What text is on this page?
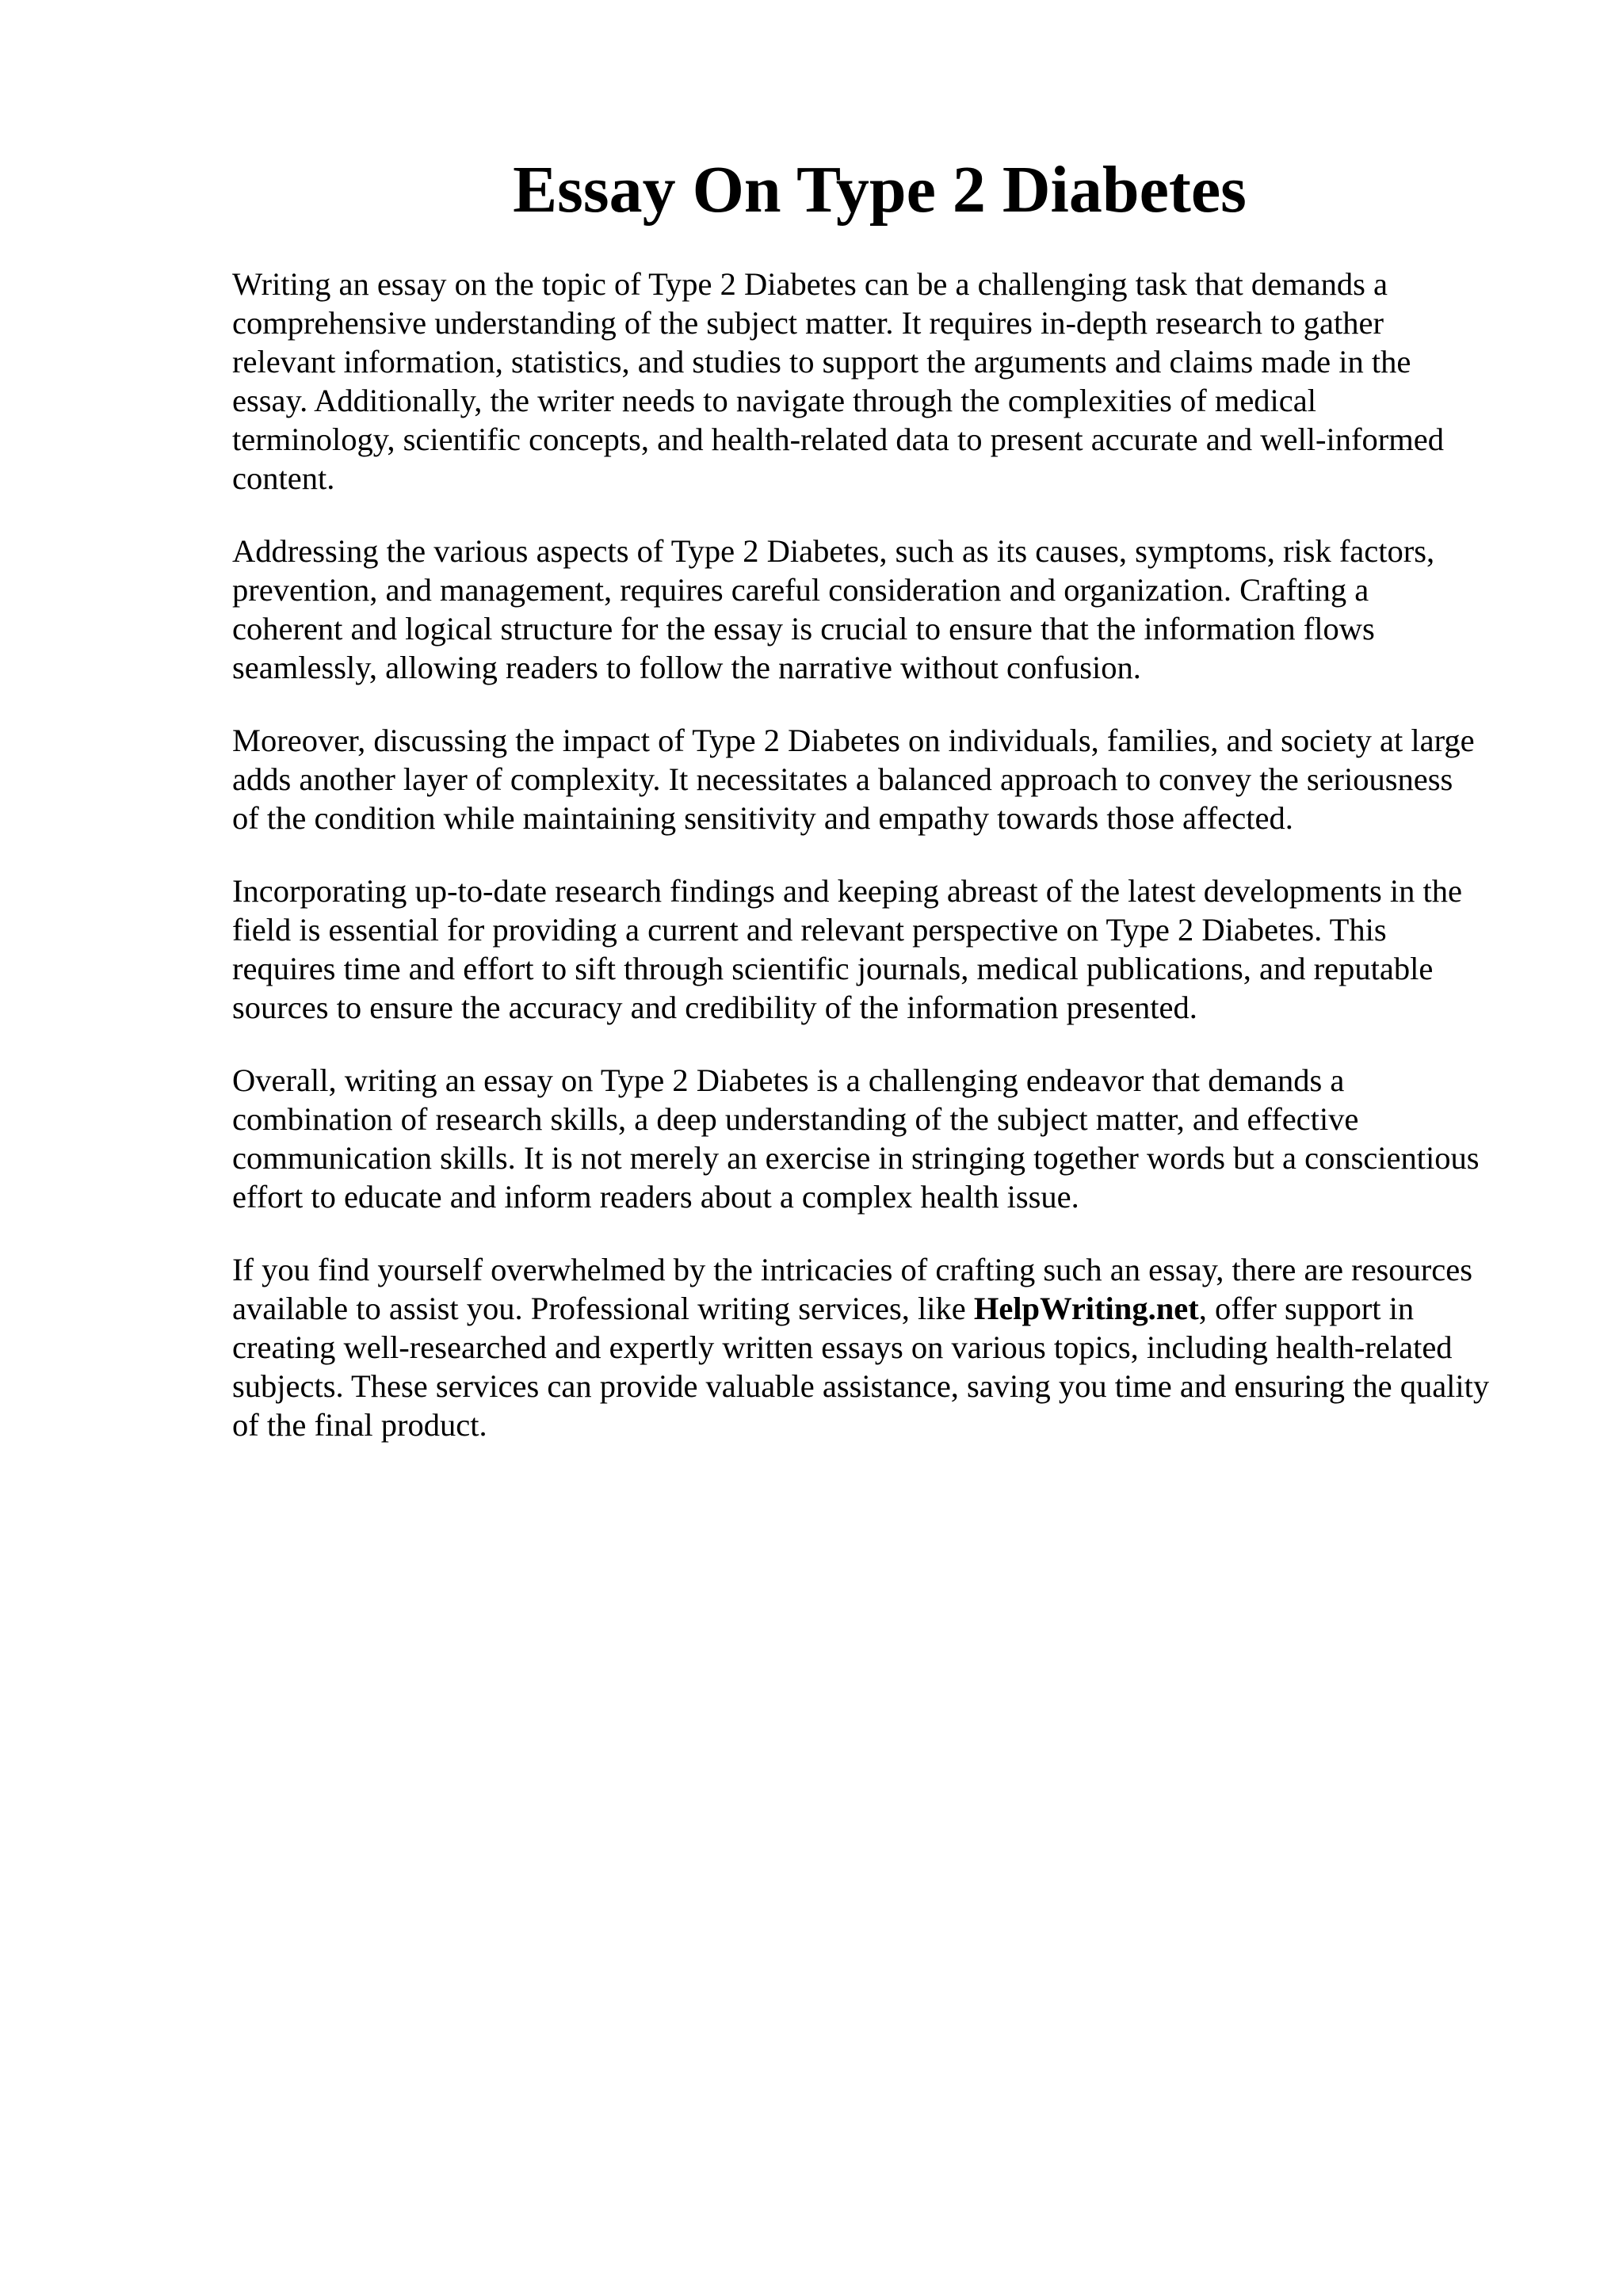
Essay On Type 2 Diabetes

Writing an essay on the topic of Type 2 Diabetes can be a challenging task that demands a
comprehensive understanding of the subject matter. It requires in-depth research to gather
relevant information, statistics, and studies to support the arguments and claims made in the
essay. Additionally, the writer needs to navigate through the complexities of medical
terminology, scientific concepts, and health-related data to present accurate and well-informed
content.

Addressing the various aspects of Type 2 Diabetes, such as its causes, symptoms, risk factors,
prevention, and management, requires careful consideration and organization. Crafting a
coherent and logical structure for the essay is crucial to ensure that the information flows
seamlessly, allowing readers to follow the narrative without confusion.

Moreover, discussing the impact of Type 2 Diabetes on individuals, families, and society at large
adds another layer of complexity. It necessitates a balanced approach to convey the seriousness
of the condition while maintaining sensitivity and empathy towards those affected.

Incorporating up-to-date research findings and keeping abreast of the latest developments in the
field is essential for providing a current and relevant perspective on Type 2 Diabetes. This
requires time and effort to sift through scientific journals, medical publications, and reputable
sources to ensure the accuracy and credibility of the information presented.

Overall, writing an essay on Type 2 Diabetes is a challenging endeavor that demands a
combination of research skills, a deep understanding of the subject matter, and effective
communication skills. It is not merely an exercise in stringing together words but a conscientious
effort to educate and inform readers about a complex health issue.

If you find yourself overwhelmed by the intricacies of crafting such an essay, there are resources
available to assist you. Professional writing services, like HelpWriting.net, offer support in
creating well-researched and expertly written essays on various topics, including health-related
subjects. These services can provide valuable assistance, saving you time and ensuring the quality
of the final product.
